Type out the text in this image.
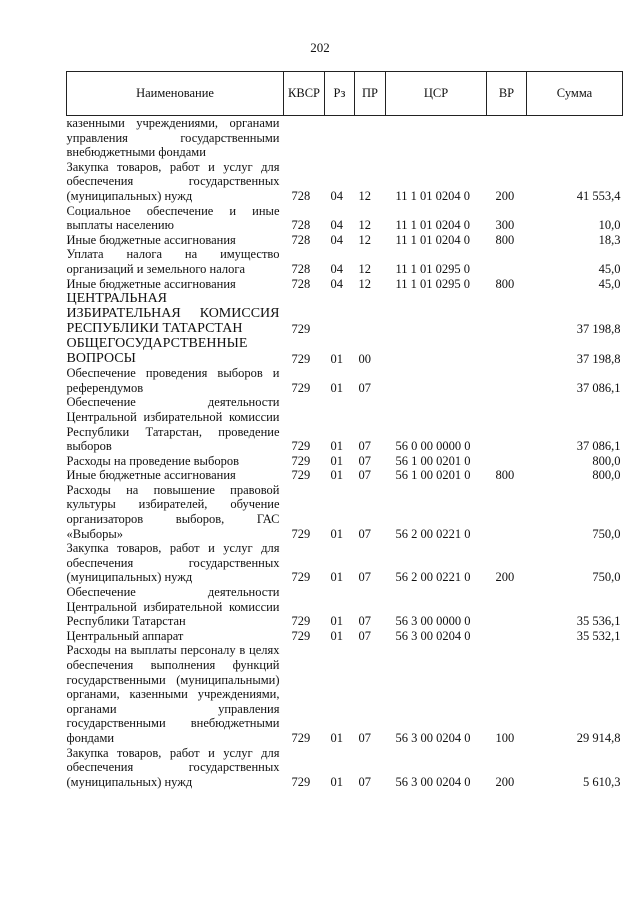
202
Наименование	КВСР	Рз	ПР	ЦСР	ВР	Сумма
казенными учреждениями, органами управления государственными внебюджетными фондами						
Закупка товаров, работ и услуг для обеспечения государственных (муниципальных) нужд	728	04	12	11 1 01 0204 0	200	41 553,4
Социальное обеспечение и иные выплаты населению	728	04	12	11 1 01 0204 0	300	10,0
Иные бюджетные ассигнования	728	04	12	11 1 01 0204 0	800	18,3
Уплата налога на имущество организаций и земельного налога	728	04	12	11 1 01 0295 0		45,0
Иные бюджетные ассигнования	728	04	12	11 1 01 0295 0	800	45,0
ЦЕНТРАЛЬНАЯ ИЗБИРАТЕЛЬНАЯ КОМИССИЯ РЕСПУБЛИКИ ТАТАРСТАН	729					37 198,8
ОБЩЕГОСУДАРСТВЕННЫЕ ВОПРОСЫ	729	01	00			37 198,8
Обеспечение проведения выборов и референдумов	729	01	07			37 086,1
Обеспечение деятельности Центральной избирательной комиссии Республики Татарстан, проведение выборов	729	01	07	56 0 00 0000 0		37 086,1
Расходы на проведение выборов	729	01	07	56 1 00 0201 0		800,0
Иные бюджетные ассигнования	729	01	07	56 1 00 0201 0	800	800,0
Расходы на повышение правовой культуры избирателей, обучение организаторов выборов, ГАС «Выборы»	729	01	07	56 2 00 0221 0		750,0
Закупка товаров, работ и услуг для обеспечения государственных (муниципальных) нужд	729	01	07	56 2 00 0221 0	200	750,0
Обеспечение деятельности Центральной избирательной комиссии Республики Татарстан	729	01	07	56 3 00 0000 0		35 536,1
Центральный аппарат	729	01	07	56 3 00 0204 0		35 532,1
Расходы на выплаты персоналу в целях обеспечения выполнения функций государственными (муниципальными) органами, казенными учреждениями, органами управления государственными внебюджетными фондами	729	01	07	56 3 00 0204 0	100	29 914,8
Закупка товаров, работ и услуг для обеспечения государственных (муниципальных) нужд	729	01	07	56 3 00 0204 0	200	5 610,3
